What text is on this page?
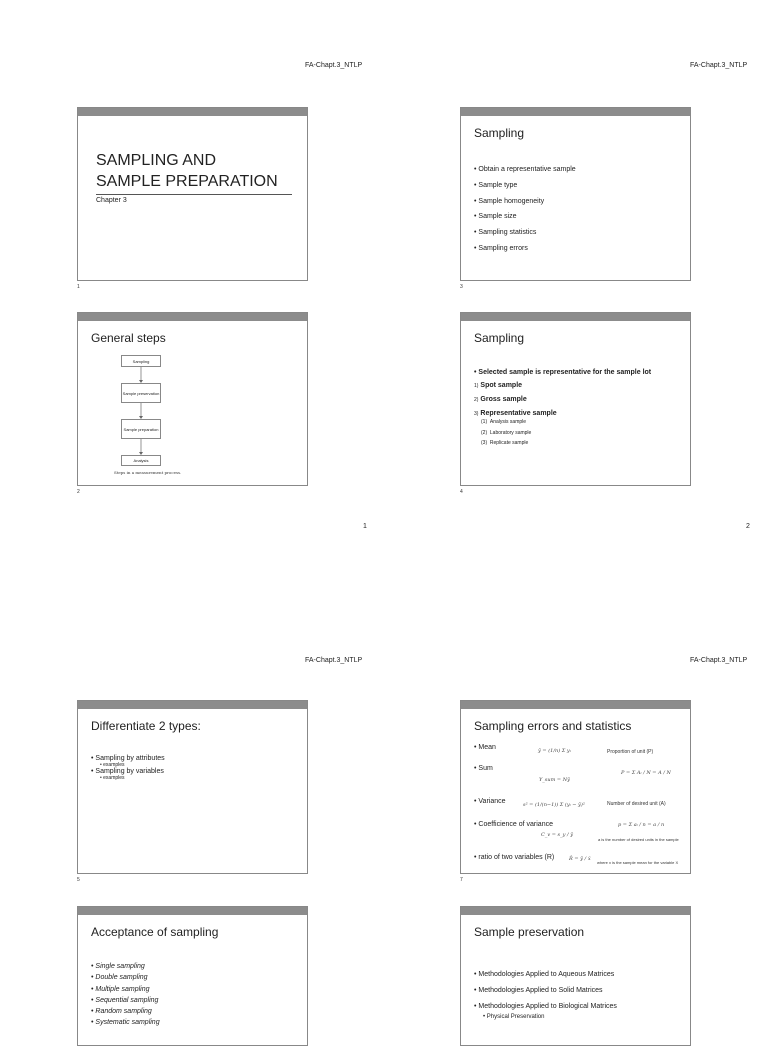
FA-Chapt.3_NTLP	FA-Chapt.3_NTLP
SAMPLING AND
SAMPLE PREPARATION
Chapter 3
1
Sampling
• Obtain a representative sample
• Sample type
• Sample homogeneity
• Sample size
• Sampling statistics
• Sampling errors
3
General steps
Sampling
Sample preservation
Sample preparation
Analysis
Steps in a measurement process.
2
Sampling
• Selected sample is representative for the sample lot
1) Spot sample
2) Gross sample
3) Representative sample
(1) Analysis sample
(2) Laboratory sample
(3) Replicate sample
4
1	2
FA-Chapt.3_NTLP	FA-Chapt.3_NTLP
Differentiate 2 types:
• Sampling by attributes
• examples
• Sampling by variables
• examples
5
Sampling errors and statistics
• Mean	ȳ = (1/n) Σ yᵢ
• Sum
Y_sum = Nȳ
• Variance	s² = (1/(n−1)) Σ (yᵢ − ȳ)²
• Coefficience of variance
C_v = s_y / ȳ
• ratio of two variables (R)	R̂ = ȳ / x̄
where x is the sample mean for the variable X
Proportion of unit (P)
P = Σ Aᵢ / N = A / N
Number of desired unit (A)
p = Σ aᵢ / n = a / n
a is the number of desired units in the sample
7
Acceptance of sampling
• Single sampling
• Double sampling
• Multiple sampling
• Sequential sampling
• Random sampling
• Systematic sampling
Sample preservation
• Methodologies Applied to Aqueous Matrices
• Methodologies Applied to Solid Matrices
• Methodologies Applied to Biological Matrices
• Physical Preservation
